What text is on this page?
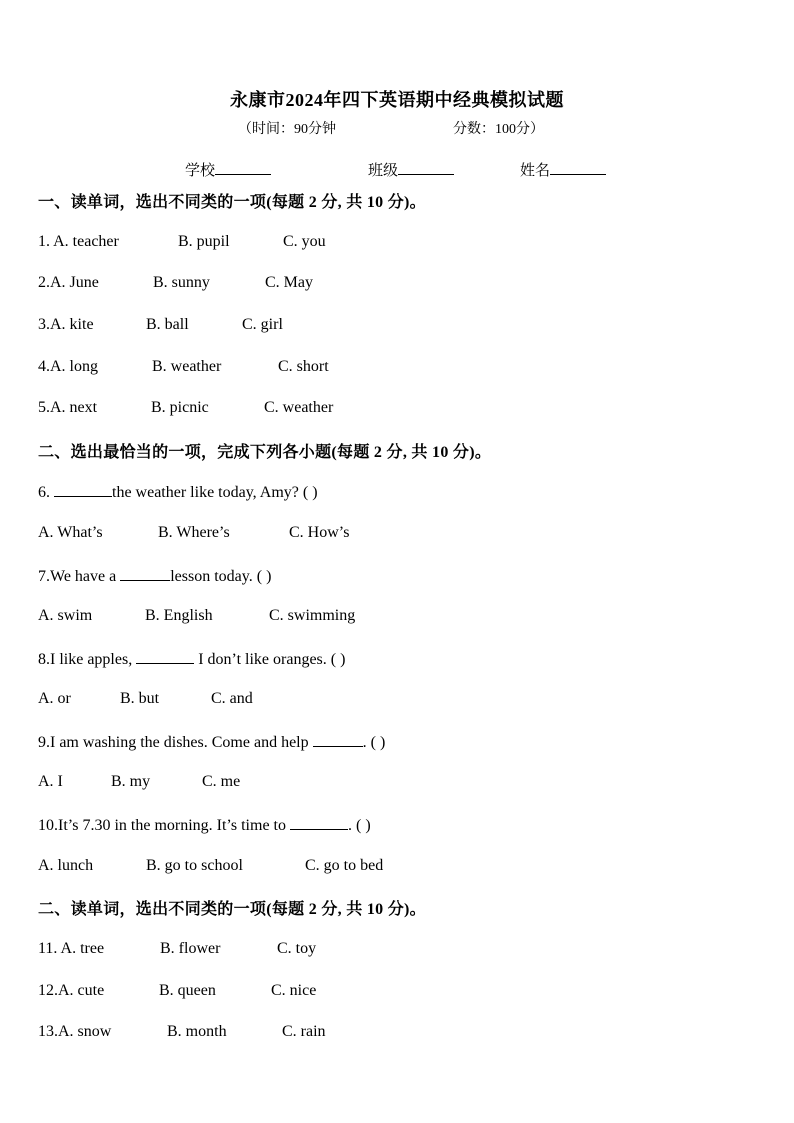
永康市2024年四下英语期中经典模拟试题
（时间：90分钟	分数：100分）
学校	班级	姓名
一、读单词，选出不同类的一项(每题 2 分, 共 10 分)。
1. A. teacher	B. pupil	C. you
2.A. June	B. sunny	C. May
3.A. kite	B. ball	C. girl
4.A. long	B. weather	C. short
5.A. next	B. picnic	C. weather
二、选出最恰当的一项，完成下列各小题(每题 2 分, 共 10 分)。
6.	the weather like today, Amy? ( )
A. What’s	B. Where’s	C. How’s
7.We have a	lesson today. ( )
A. swim	B. English	C. swimming
8.I like apples,	I don’t like oranges. ( )
A. or	B. but	C. and
9.I am washing the dishes. Come and help	. ( )
A. I	B. my	C. me
10.It’s 7.30 in the morning. It’s time to	. ( )
A. lunch	B. go to school	C. go to bed
二、读单词，选出不同类的一项(每题 2 分, 共 10 分)。
11. A. tree	B. flower	C. toy
12.A. cute	B. queen	C. nice
13.A. snow	B. month	C. rain
